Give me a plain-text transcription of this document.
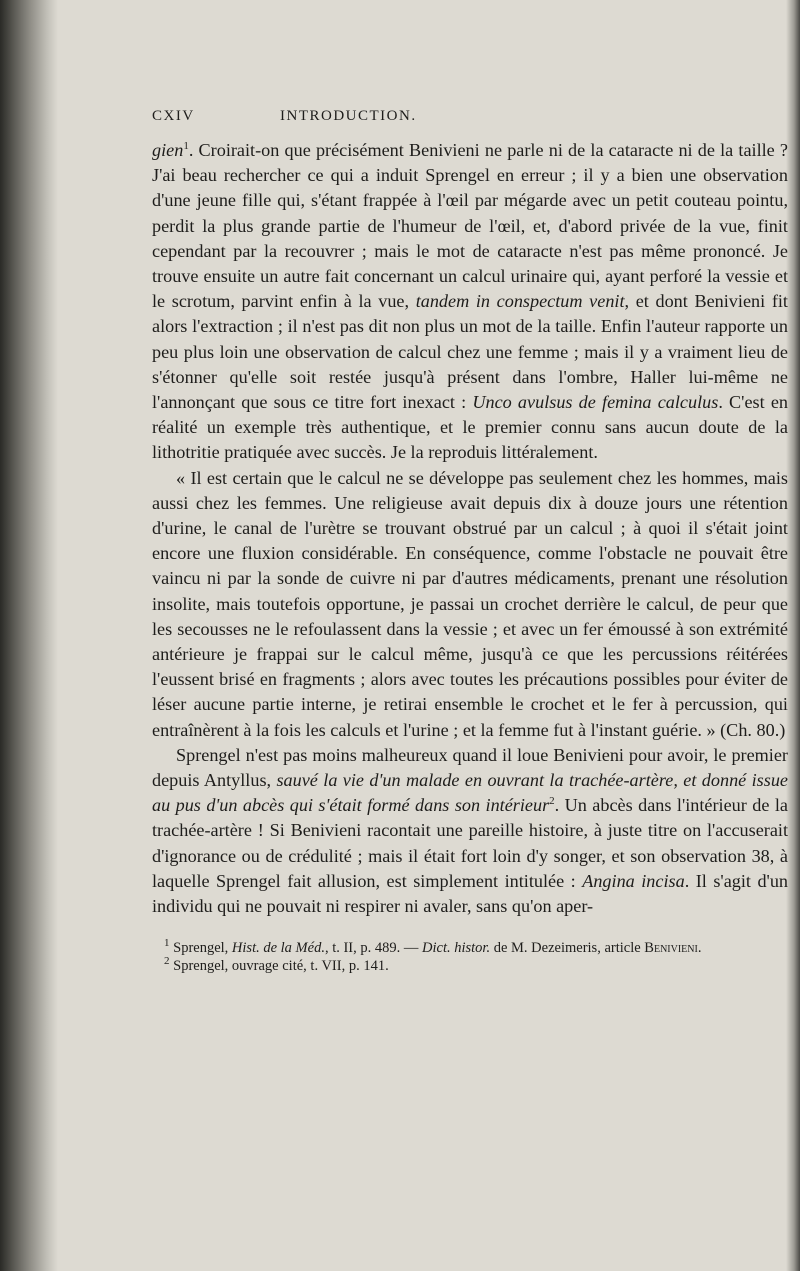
CXIV	INTRODUCTION.

gien$^1$. Croirait-on que précisément Benivieni ne parle ni de la cataracte ni de la taille ? J'ai beau rechercher ce qui a induit Sprengel en erreur ; il y a bien une observation d'une jeune fille qui, s'étant frappée à l'œil par mégarde avec un petit couteau pointu, perdit la plus grande partie de l'humeur de l'œil, et, d'abord privée de la vue, finit cependant par la recouvrer ; mais le mot de cataracte n'est pas même prononcé. Je trouve ensuite un autre fait concernant un calcul urinaire qui, ayant perforé la vessie et le scrotum, parvint enfin à la vue, tandem in conspectum venit, et dont Benivieni fit alors l'extraction ; il n'est pas dit non plus un mot de la taille. Enfin l'auteur rapporte un peu plus loin une observation de calcul chez une femme ; mais il y a vraiment lieu de s'étonner qu'elle soit restée jusqu'à présent dans l'ombre, Haller lui-même ne l'annonçant que sous ce titre fort inexact : Unco avulsus de femina calculus. C'est en réalité un exemple très authentique, et le premier connu sans aucun doute de la lithotritie pratiquée avec succès. Je la reproduis littéralement.

« Il est certain que le calcul ne se développe pas seulement chez les hommes, mais aussi chez les femmes. Une religieuse avait depuis dix à douze jours une rétention d'urine, le canal de l'urètre se trouvant obstrué par un calcul ; à quoi il s'était joint encore une fluxion considérable. En conséquence, comme l'obstacle ne pouvait être vaincu ni par la sonde de cuivre ni par d'autres médicaments, prenant une résolution insolite, mais toutefois opportune, je passai un crochet derrière le calcul, de peur que les secousses ne le refoulassent dans la vessie ; et avec un fer émoussé à son extrémité antérieure je frappai sur le calcul même, jusqu'à ce que les percussions réitérées l'eussent brisé en fragments ; alors avec toutes les précautions possibles pour éviter de léser aucune partie interne, je retirai ensemble le crochet et le fer à percussion, qui entraînèrent à la fois les calculs et l'urine ; et la femme fut à l'instant guérie. » (Ch. 80.)

Sprengel n'est pas moins malheureux quand il loue Benivieni pour avoir, le premier depuis Antyllus, sauvé la vie d'un malade en ouvrant la trachée-artère, et donné issue au pus d'un abcès qui s'était formé dans son intérieur$^2$. Un abcès dans l'intérieur de la trachée-artère ! Si Benivieni racontait une pareille histoire, à juste titre on l'accuserait d'ignorance ou de crédulité ; mais il était fort loin d'y songer, et son observation 38, à laquelle Sprengel fait allusion, est simplement intitulée : Angina incisa. Il s'agit d'un individu qui ne pouvait ni respirer ni avaler, sans qu'on aper-

$^1$ Sprengel, Hist. de la Méd., t. II, p. 489. — Dict. histor. de M. Dezeimeris, article Benivieni.

$^2$ Sprengel, ouvrage cité, t. VII, p. 141.
